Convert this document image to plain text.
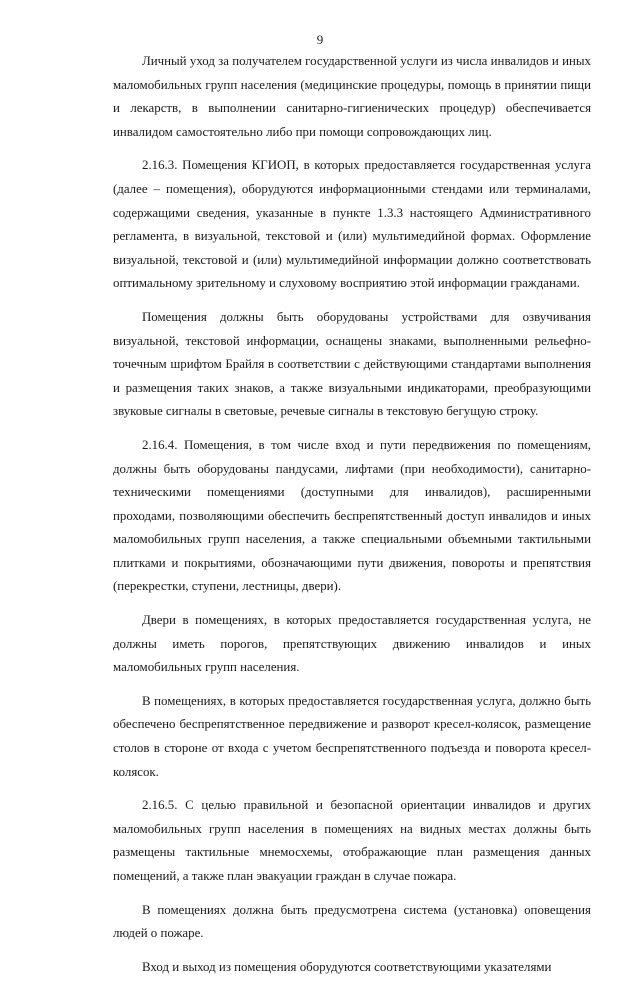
9

Личный уход за получателем государственной услуги из числа инвалидов и иных маломобильных групп населения (медицинские процедуры, помощь в принятии пищи и лекарств, в выполнении санитарно-гигиенических процедур) обеспечивается инвалидом самостоятельно либо при помощи сопровождающих лиц.

2.16.3. Помещения КГИОП, в которых предоставляется государственная услуга (далее – помещения), оборудуются информационными стендами или терминалами, содержащими сведения, указанные в пункте 1.3.3 настоящего Административного регламента, в визуальной, текстовой и (или) мультимедийной формах. Оформление визуальной, текстовой и (или) мультимедийной информации должно соответствовать оптимальному зрительному и слуховому восприятию этой информации гражданами.

Помещения должны быть оборудованы устройствами для озвучивания визуальной, текстовой информации, оснащены знаками, выполненными рельефно-точечным шрифтом Брайля в соответствии с действующими стандартами выполнения и размещения таких знаков, а также визуальными индикаторами, преобразующими звуковые сигналы в световые, речевые сигналы в текстовую бегущую строку.

2.16.4. Помещения, в том числе вход и пути передвижения по помещениям, должны быть оборудованы пандусами, лифтами (при необходимости), санитарно-техническими помещениями (доступными для инвалидов), расширенными проходами, позволяющими обеспечить беспрепятственный доступ инвалидов и иных маломобильных групп населения, а также специальными объемными тактильными плитками и покрытиями, обозначающими пути движения, повороты и препятствия (перекрестки, ступени, лестницы, двери).

Двери в помещениях, в которых предоставляется государственная услуга, не должны иметь порогов, препятствующих движению инвалидов и иных маломобильных групп населения.

В помещениях, в которых предоставляется государственная услуга, должно быть обеспечено беспрепятственное передвижение и разворот кресел-колясок, размещение столов в стороне от входа с учетом беспрепятственного подъезда и поворота кресел-колясок.

2.16.5. С целью правильной и безопасной ориентации инвалидов и других маломобильных групп населения в помещениях на видных местах должны быть размещены тактильные мнемосхемы, отображающие план размещения данных помещений, а также план эвакуации граждан в случае пожара.

В помещениях должна быть предусмотрена система (установка) оповещения людей о пожаре.

Вход и выход из помещения оборудуются соответствующими указателями
